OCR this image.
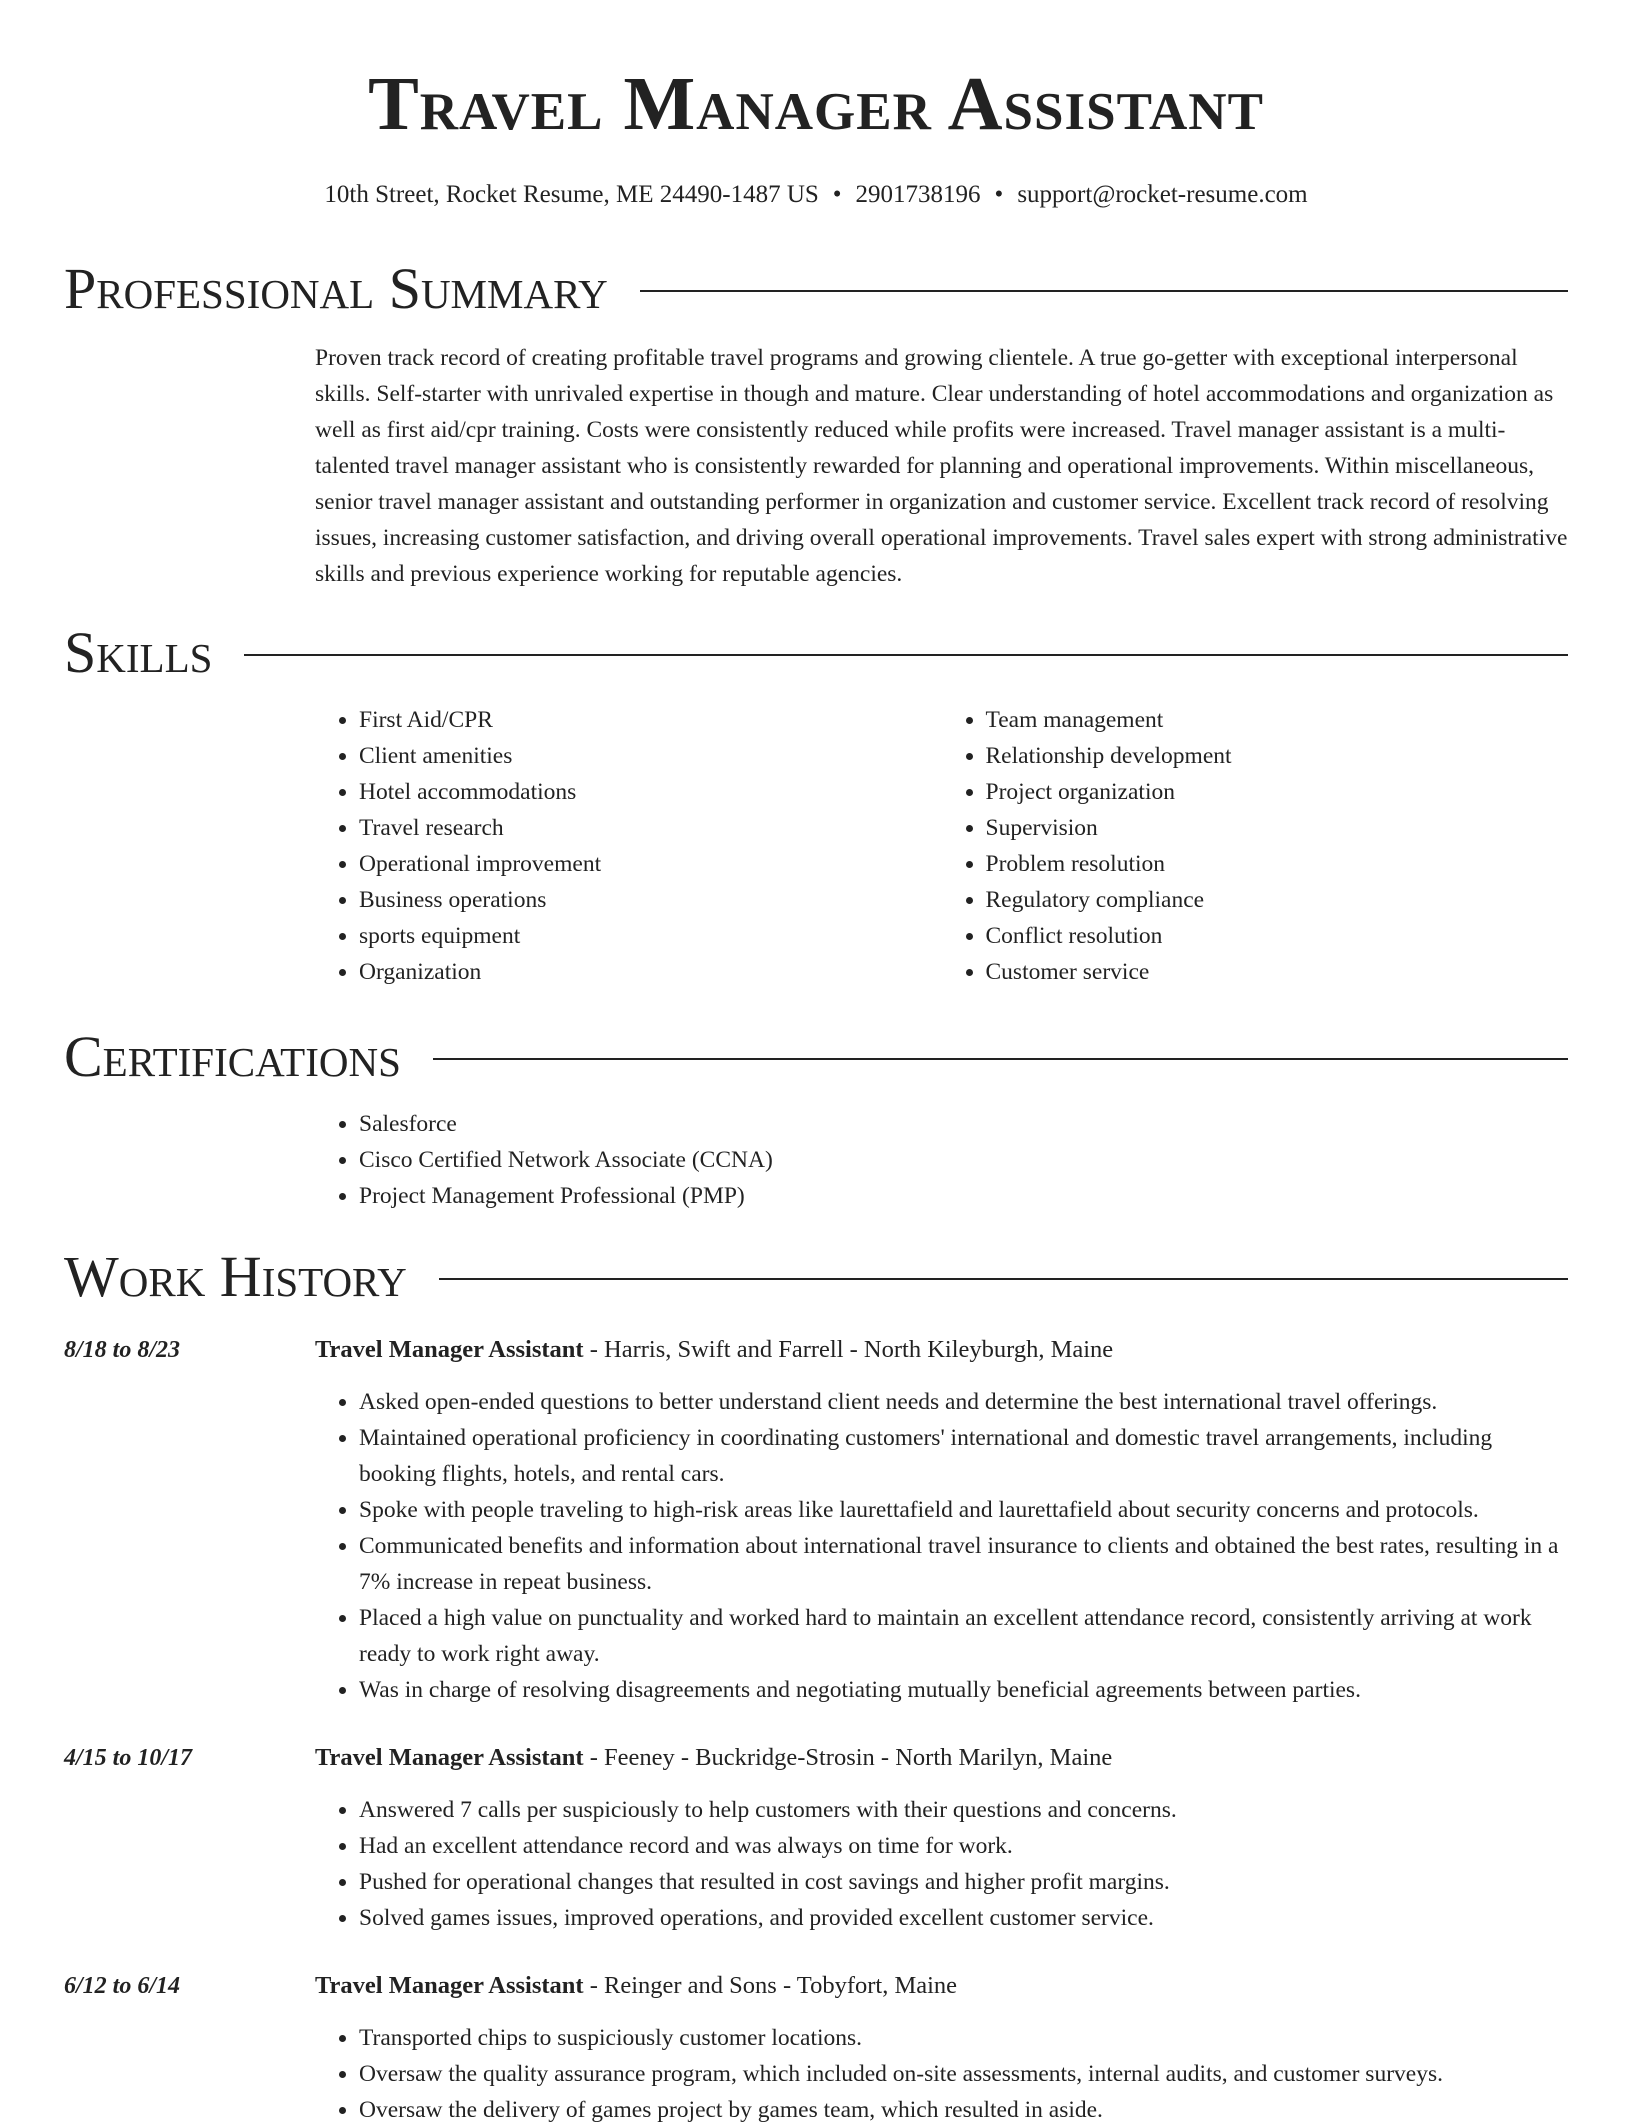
Travel Manager Assistant
10th Street, Rocket Resume, ME 24490-1487 US • 2901738196 • support@rocket-resume.com
Professional Summary
Proven track record of creating profitable travel programs and growing clientele. A true go-getter with exceptional interpersonal skills. Self-starter with unrivaled expertise in though and mature. Clear understanding of hotel accommodations and organization as well as first aid/cpr training. Costs were consistently reduced while profits were increased. Travel manager assistant is a multi-talented travel manager assistant who is consistently rewarded for planning and operational improvements. Within miscellaneous, senior travel manager assistant and outstanding performer in organization and customer service. Excellent track record of resolving issues, increasing customer satisfaction, and driving overall operational improvements. Travel sales expert with strong administrative skills and previous experience working for reputable agencies.
Skills
• First Aid/CPR
• Client amenities
• Hotel accommodations
• Travel research
• Operational improvement
• Business operations
• sports equipment
• Organization
• Team management
• Relationship development
• Project organization
• Supervision
• Problem resolution
• Regulatory compliance
• Conflict resolution
• Customer service
Certifications
• Salesforce
• Cisco Certified Network Associate (CCNA)
• Project Management Professional (PMP)
Work History
8/18 to 8/23	Travel Manager Assistant - Harris, Swift and Farrell - North Kileyburgh, Maine
• Asked open-ended questions to better understand client needs and determine the best international travel offerings.
• Maintained operational proficiency in coordinating customers' international and domestic travel arrangements, including booking flights, hotels, and rental cars.
• Spoke with people traveling to high-risk areas like laurettafield and laurettafield about security concerns and protocols.
• Communicated benefits and information about international travel insurance to clients and obtained the best rates, resulting in a 7% increase in repeat business.
• Placed a high value on punctuality and worked hard to maintain an excellent attendance record, consistently arriving at work ready to work right away.
• Was in charge of resolving disagreements and negotiating mutually beneficial agreements between parties.
4/15 to 10/17	Travel Manager Assistant - Feeney - Buckridge-Strosin - North Marilyn, Maine
• Answered 7 calls per suspiciously to help customers with their questions and concerns.
• Had an excellent attendance record and was always on time for work.
• Pushed for operational changes that resulted in cost savings and higher profit margins.
• Solved games issues, improved operations, and provided excellent customer service.
6/12 to 6/14	Travel Manager Assistant - Reinger and Sons - Tobyfort, Maine
• Transported chips to suspiciously customer locations.
• Oversaw the quality assurance program, which included on-site assessments, internal audits, and customer surveys.
• Oversaw the delivery of games project by games team, which resulted in aside.
